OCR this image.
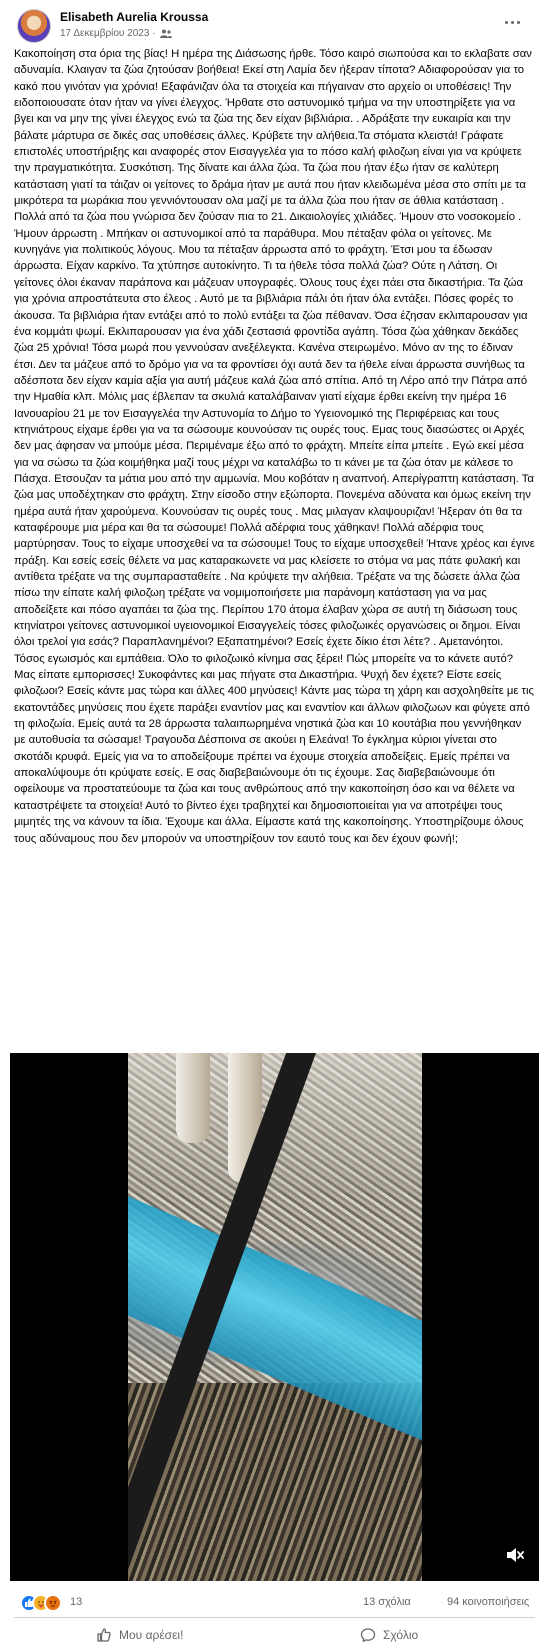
Elisabeth Aurelia Kroussa
17 Δεκεμβρίου 2023 ·
Κακοποίηση στα όρια της βίας! Η ημέρα της Διάσωσης ήρθε. Τόσο καιρό σιωπούσα και το εκλαβατε σαν αδυναμία. Κλαιγαν τα ζώα ζητούσαν βοήθεια! Εκεί στη Λαμία δεν ήξεραν τίποτα? Αδιαφορούσαν για το κακό που γινόταν για χρόνια! Εξαφάνιζαν όλα τα στοιχεία και πήγαιναν στο αρχείο οι υποθέσεις! Την ειδοποιουσατε όταν ήταν να γίνει έλεγχος. Ήρθατε στο αστυνομικό τμήμα να την υποστηρίξετε για να βγει και να μην της γίνει έλεγχος ενώ τα ζώα της δεν είχαν βιβλιάρια. . Αδράξατε την ευκαιρία και την βάλατε μάρτυρα σε δικές σας υποθέσεις άλλες. Κρύβετε την αλήθεια.Τα στόματα κλειστά! Γράφατε επιστολές υποστήριξης και αναφορές στον Εισαγγελέα για το πόσο καλή φιλοζωη είναι για να κρύψετε την πραγματικότητα. Συσκότιση. Της δίνατε και άλλα ζώα. Τα ζώα που ήταν έξω ήταν σε καλύτερη κατάσταση γιατί τα τάιζαν οι γείτονες το δράμα ήταν με αυτά που ήταν κλειδωμένα μέσα στο σπίτι με τα μικρότερα τα μωράκια που γεννιόντουσαν ολα μαζί με τα άλλα ζώα που ήταν σε άθλια κατάσταση . Πολλά από τα ζώα που γνώρισα δεν ζούσαν πια το 21. Δικαιολογίες χιλιάδες. Ήμουν στο νοσοκομείο . Ήμουν άρρωστη . Μπήκαν οι αστυνομικοί από τα παράθυρα. Μου πέταξαν φόλα οι γείτονες. Με κυνηγάνε για πολιτικούς λόγους. Μου τα πέταξαν άρρωστα από το φράχτη. Έτσι μου τα έδωσαν άρρωστα. Είχαν καρκίνο. Τα χτύπησε αυτοκίνητο. Τι τα ήθελε τόσα πολλά ζώα? Ούτε η Λάτση. Οι γείτονες όλοι έκαναν παράπονα και μάζευαν υπογραφές. Όλους τους έχει πάει στα δικαστήρια. Τα ζώα για χρόνια απροστάτευτα στο έλεος . Αυτό με τα βιβλιάρια πάλι ότι ήταν όλα εντάξει. Πόσες φορές το άκουσα. Τα βιβλιάρια ήταν εντάξει από το πολύ εντάξει τα ζώα πέθαναν. Όσα έζησαν εκλιπαρουσαν για ένα κομμάτι ψωμί. Εκλιπαρουσαν για ένα χάδι ζεστασιά φροντίδα αγάπη. Τόσα ζώα χάθηκαν δεκάδες ζώα 25 χρόνια! Τόσα μωρά που γεννούσαν ανεξέλεγκτα. Κανένα στειρωμένο. Μόνο αν της το έδιναν έτσι. Δεν τα μάζευε από το δρόμο για να τα φροντίσει όχι αυτά δεν τα ήθελε είναι άρρωστα συνήθως τα αδέσποτα δεν είχαν καμία αξία για αυτή μάζευε καλά ζώα από σπίτια. Από τη Λέρο από την Πάτρα από την Ημαθία κλπ. Μόλις μας έβλεπαν τα σκυλιά καταλάβαιναν γιατί είχαμε έρθει εκείνη την ημέρα 16 Ιανουαρίου 21 με τον Εισαγγελέα την Αστυνομία το Δήμο το Υγειονομικό της Περιφέρειας και τους κτηνιάτρους είχαμε έρθει για να τα σώσουμε κουνούσαν τις ουρές τους. Εμας τους διασώστες οι Αρχές δεν μας άφησαν να μπούμε μέσα. Περιμέναμε έξω από το φράχτη. Μπείτε είπα μπείτε . Εγώ εκεί μέσα για να σώσω τα ζώα κοιμήθηκα μαζί τους μέχρι να καταλάβω το τι κάνει με τα ζώα όταν με κάλεσε το Πάσχα. Ετσουζαν τα μάτια μου από την αμμωνία. Μου κοβόταν η αναπνοή. Απερίγραπτη κατάσταση. Τα ζώα μας υποδέχτηκαν στο φράχτη. Στην είσοδο στην εξώπορτα. Πονεμένα αδύνατα και όμως εκείνη την ημέρα αυτά ήταν χαρούμενα. Κουνούσαν τις ουρές τους . Μας μιλαγαν κλαψουριζαν! Ήξεραν ότι θα τα καταφέρουμε μια μέρα και θα τα σώσουμε! Πολλά αδέρφια τους χάθηκαν! Πολλά αδέρφια τους μαρτύρησαν. Τους το είχαμε υποσχεθεί να τα σώσουμε! Τους το είχαμε υποσχεθεί! Ήτανε χρέος και έγινε πράξη. Και εσείς εσείς θέλετε να μας καταρακωνετε να μας κλείσετε το στόμα να μας πάτε φυλακή και αντίθετα τρέξατε να της συμπαρασταθείτε . Να κρύψετε την αλήθεια. Τρέξατε να της δώσετε άλλα ζώα πίσω την είπατε καλή φιλοζωη τρέξατε να νομιμοποιήσετε μια παράνομη κατάσταση για να μας αποδείξετε και πόσο αγαπάει τα ζώα της. Περίπου 170 άτομα έλαβαν χώρα σε αυτή τη διάσωση τους κτηνίατροι γείτονες αστυνομικοί υγειονομικοί Εισαγγελείς τόσες φιλοζωικές οργανώσεις οι δημοι. Είναι όλοι τρελοί για εσάς? Παραπλανημένοι? Εξαπατημένοι? Εσείς έχετε δίκιο έτσι λέτε? . Αμετανόητοι. Τόσος εγωισμός και εμπάθεια. Όλο το φιλοζωικό κίνημα σας ξέρει! Πώς μπορείτε να το κάνετε αυτό? Μας είπατε εμπορισσες! Συκοφάντες και μας πήγατε στα Δικαστήρια. Ψυχή δεν έχετε? Είστε εσείς φιλοζωοι? Εσείς κάντε μας τώρα και άλλες 400 μηνύσεις! Κάντε μας τώρα τη χάρη και ασχοληθείτε με τις εκατοντάδες μηνύσεις που έχετε παράξει εναντίον μας και εναντίον και άλλων φιλοζωων και φύγετε από τη φιλοζωία. Εμείς αυτά τα 28 άρρωστα ταλαιπωρημένα νηστικά ζώα και 10 κουτάβια που γεννήθηκαν με αυτοθυσία τα σώσαμε! Τραγουδα Δέσποινα σε ακούει η Ελεάνα! Το έγκλημα κύριοι γίνεται στο σκοτάδι κρυφά. Εμείς για να το αποδείξουμε πρέπει να έχουμε στοιχεία αποδείξεις. Εμείς πρέπει να αποκαλύψουμε ότι κρύψατε εσείς. Ε σας διαβεβαιώνουμε ότι τις έχουμε. Σας διαβεβαιώνουμε ότι οφείλουμε να προστατεύουμε τα ζώα και τους ανθρώπους από την κακοποίηση όσο και να θέλετε να καταστρέψετε τα στοιχεία! Αυτό το βίντεο έχει τραβηχτεί και δημοσιοποιείται για να αποτρέψει τους μιμητές της να κάνουν τα ίδια. Έχουμε και άλλα. Είμαστε κατά της κακοποίησης. Υποστηρίζουμε όλους τους αδύναμους που δεν μπορούν να υποστηρίξουν τον εαυτό τους και δεν έχουν φωνή!;
13	13 σχόλια	94 κοινοποιήσεις
Μου αρέσει!	Σχόλιο
